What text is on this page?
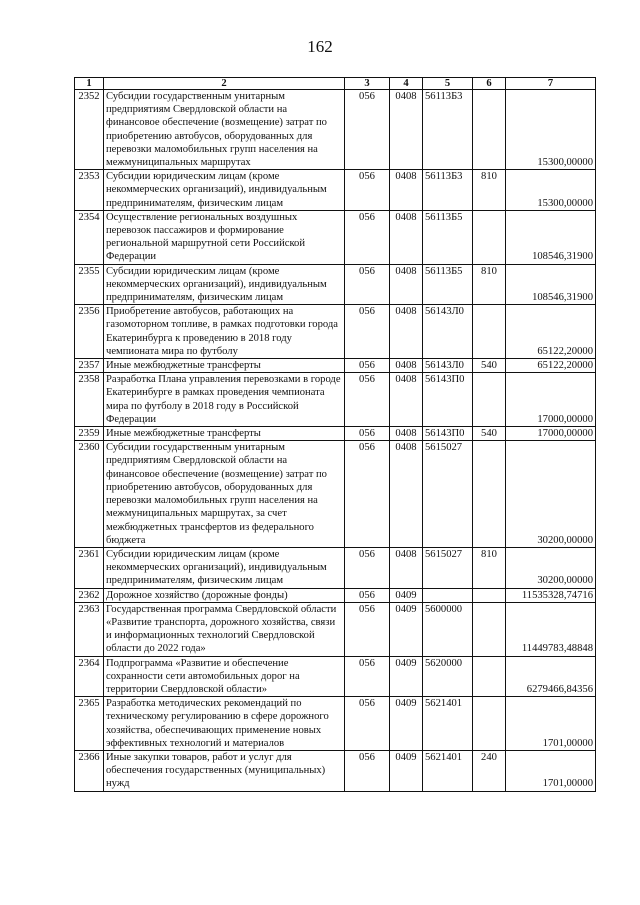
162
1	2	3	4	5	6	7
2352	Субсидии государственным унитарным предприятиям Свердловской области на финансовое обеспечение (возмещение) затрат по приобретению автобусов, оборудованных для перевозки маломобильных групп населения на межмуниципальных маршрутах	056	0408	56113Б3		15300,00000
2353	Субсидии юридическим лицам (кроме некоммерческих организаций), индивидуальным предпринимателям, физическим лицам	056	0408	56113Б3	810	15300,00000
2354	Осуществление региональных воздушных перевозок пассажиров и формирование региональной маршрутной сети Российской Федерации	056	0408	56113Б5		108546,31900
2355	Субсидии юридическим лицам (кроме некоммерческих организаций), индивидуальным предпринимателям, физическим лицам	056	0408	56113Б5	810	108546,31900
2356	Приобретение автобусов, работающих на газомоторном топливе, в рамках подготовки города Екатеринбурга к проведению в 2018 году чемпионата мира по футболу	056	0408	56143Л0		65122,20000
2357	Иные межбюджетные трансферты	056	0408	56143Л0	540	65122,20000
2358	Разработка Плана управления перевозками в городе Екатеринбурге в рамках проведения чемпионата мира по футболу в 2018 году в Российской Федерации	056	0408	56143П0		17000,00000
2359	Иные межбюджетные трансферты	056	0408	56143П0	540	17000,00000
2360	Субсидии государственным унитарным предприятиям Свердловской области на финансовое обеспечение (возмещение) затрат по приобретению автобусов, оборудованных для перевозки маломобильных групп населения на межмуниципальных маршрутах, за счет межбюджетных трансфертов из федерального бюджета	056	0408	5615027		30200,00000
2361	Субсидии юридическим лицам (кроме некоммерческих организаций), индивидуальным предпринимателям, физическим лицам	056	0408	5615027	810	30200,00000
2362	Дорожное хозяйство (дорожные фонды)	056	0409			11535328,74716
2363	Государственная программа Свердловской области «Развитие транспорта, дорожного хозяйства, связи и информационных технологий Свердловской области до 2022 года»	056	0409	5600000		11449783,48848
2364	Подпрограмма «Развитие и обеспечение сохранности сети автомобильных дорог на территории Свердловской области»	056	0409	5620000		6279466,84356
2365	Разработка методических рекомендаций по техническому регулированию в сфере дорожного хозяйства, обеспечивающих применение новых эффективных технологий и материалов	056	0409	5621401		1701,00000
2366	Иные закупки товаров, работ и услуг для обеспечения государственных (муниципальных) нужд	056	0409	5621401	240	1701,00000
